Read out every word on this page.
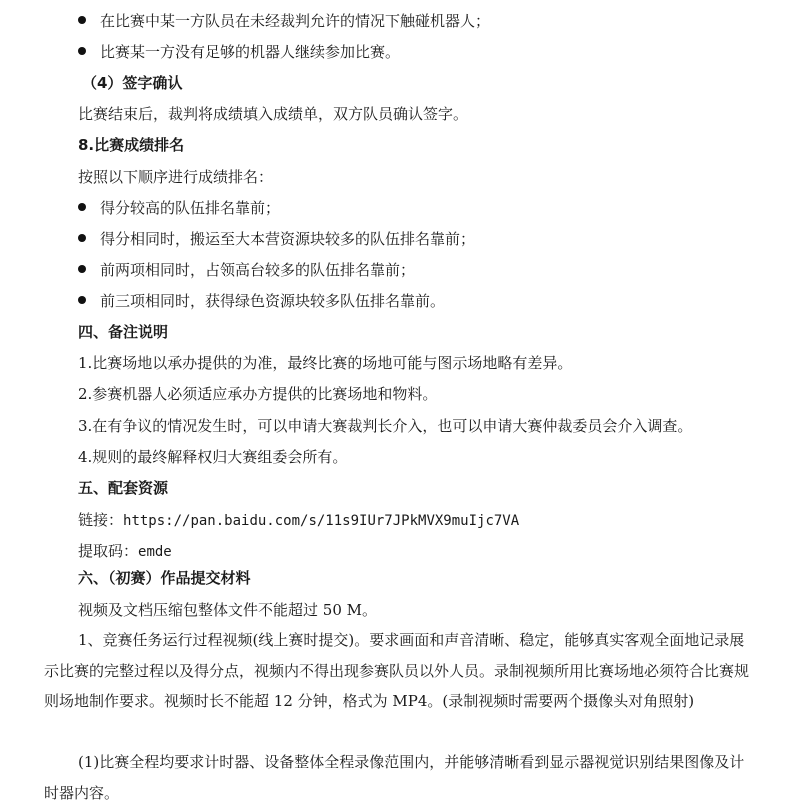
在比赛中某一方队员在未经裁判允许的情况下触碰机器人；
比赛某一方没有足够的机器人继续参加比赛。
（4）签字确认
比赛结束后，裁判将成绩填入成绩单，双方队员确认签字。
8.比赛成绩排名
按照以下顺序进行成绩排名：
得分较高的队伍排名靠前；
得分相同时，搬运至大本营资源块较多的队伍排名靠前；
前两项相同时，占领高台较多的队伍排名靠前；
前三项相同时，获得绿色资源块较多队伍排名靠前。
四、备注说明
1.比赛场地以承办提供的为准，最终比赛的场地可能与图示场地略有差异。
2.参赛机器人必须适应承办方提供的比赛场地和物料。
3.在有争议的情况发生时，可以申请大赛裁判长介入，也可以申请大赛仲裁委员会介入调查。
4.规则的最终解释权归大赛组委会所有。
五、配套资源
链接：https://pan.baidu.com/s/11s9IUr7JPkMVX9muIjc7VA
提取码：emde
六、（初赛）作品提交材料
视频及文档压缩包整体文件不能超过 50 M。
1、竞赛任务运行过程视频(线上赛时提交)。要求画面和声音清晰、稳定，能够真实客观全面地记录展示比赛的完整过程以及得分点，视频内不得出现参赛队员以外人员。录制视频所用比赛场地必须符合比赛规则场地制作要求。视频时长不能超 12 分钟，格式为 MP4。(录制视频时需要两个摄像头对角照射)
(1)比赛全程均要求计时器、设备整体全程录像范围内，并能够清晰看到显示器视觉识别结果图像及计时器内容。
